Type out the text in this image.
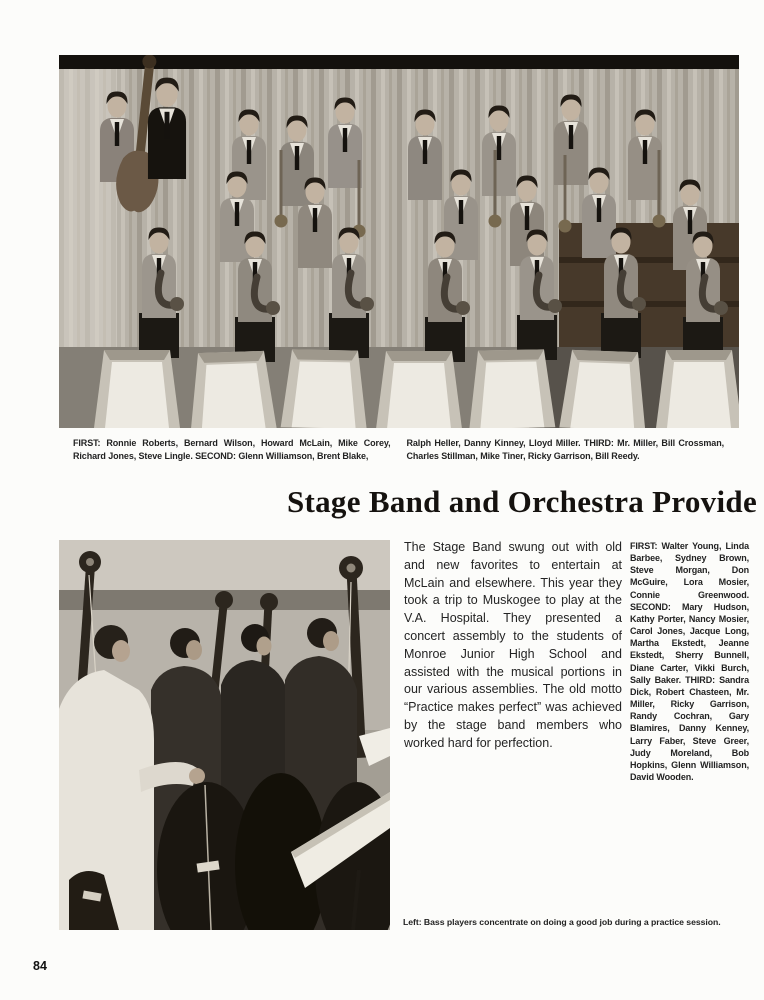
FIRST: Ronnie Roberts, Bernard Wilson, Howard McLain, Mike Corey, Richard Jones, Steve Lingle. SECOND: Glenn Williamson, Brent Blake,
Ralph Heller, Danny Kinney, Lloyd Miller. THIRD: Mr. Miller, Bill Crossman, Charles Stillman, Mike Tiner, Ricky Garrison, Bill Reedy.
Stage Band and Orchestra Provide

The Stage Band swung out with old and new favorites to entertain at McLain and elsewhere. This year they took a trip to Muskogee to play at the V.A. Hospital. They presented a concert assembly to the students of Monroe Junior High School and assisted with the musical portions in our various assemblies. The old motto “Practice makes perfect” was achieved by the stage band members who worked hard for perfection.

FIRST: Walter Young, Linda Barbee, Sydney Brown, Steve Morgan, Don McGuire, Lora Mosier, Connie Greenwood. SECOND: Mary Hudson, Kathy Porter, Nancy Mosier, Carol Jones, Jacque Long, Martha Ekstedt, Jeanne Ekstedt, Sherry Bunnell, Diane Carter, Vikki Burch, Sally Baker. THIRD: Sandra Dick, Robert Chasteen, Mr. Miller, Ricky Garrison, Randy Cochran, Gary Blamires, Danny Kenney, Larry Faber, Steve Greer, Judy Moreland, Bob Hopkins, Glenn Williamson, David Wooden.
Left: Bass players concentrate on doing a good job during a practice session.
84
